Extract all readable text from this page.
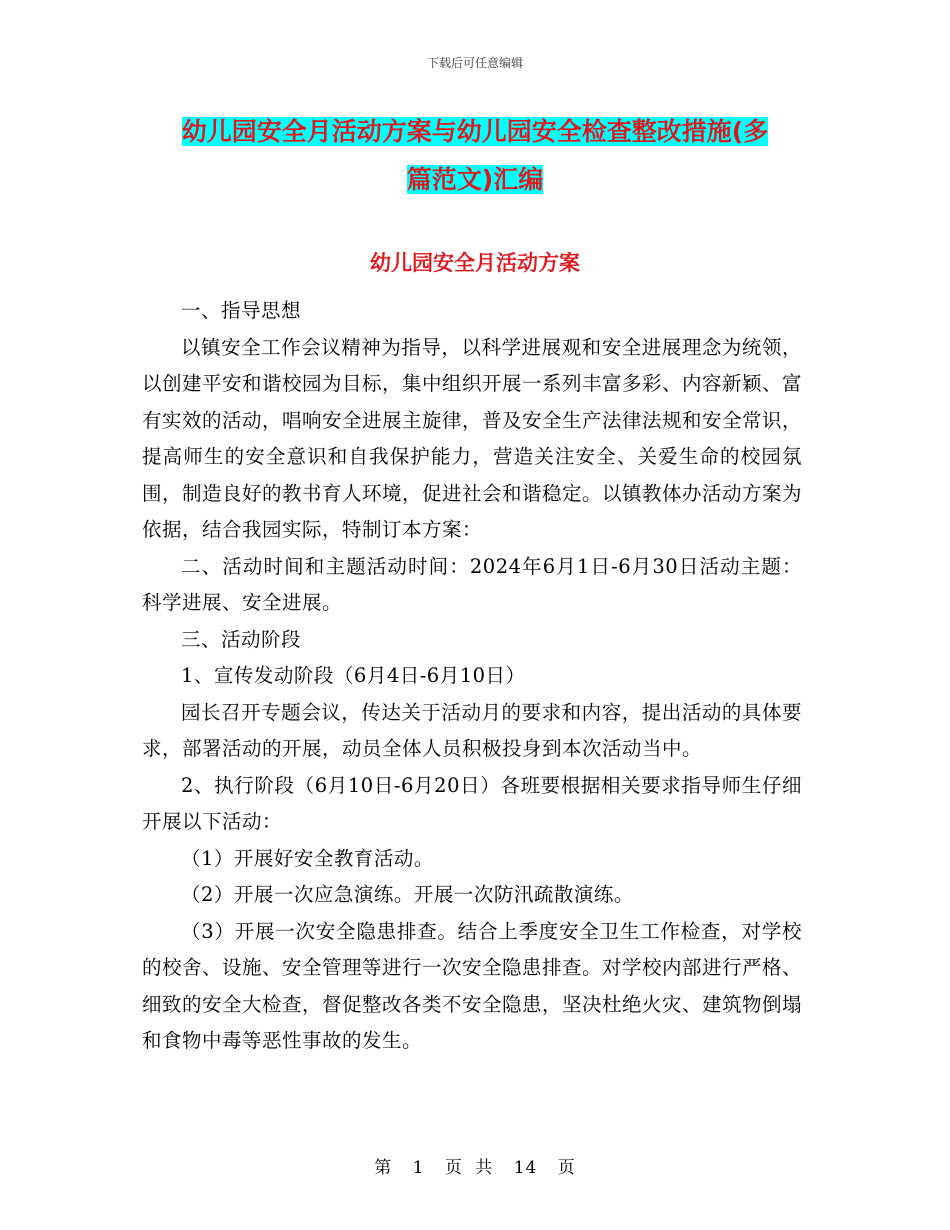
下载后可任意编辑
幼儿园安全月活动方案与幼儿园安全检查整改措施(多
篇范文)汇编
幼儿园安全月活动方案

一、指导思想

以镇安全工作会议精神为指导，以科学进展观和安全进展理念为统领，以创建平安和谐校园为目标，集中组织开展一系列丰富多彩、内容新颖、富有实效的活动，唱响安全进展主旋律，普及安全生产法律法规和安全常识，提高师生的安全意识和自我保护能力，营造关注安全、关爱生命的校园氛围，制造良好的教书育人环境，促进社会和谐稳定。以镇教体办活动方案为依据，结合我园实际，特制订本方案：

二、活动时间和主题活动时间：2024年6月1日-6月30日活动主题：科学进展、安全进展。

三、活动阶段

1、宣传发动阶段（6月4日-6月10日）

园长召开专题会议，传达关于活动月的要求和内容，提出活动的具体要求，部署活动的开展，动员全体人员积极投身到本次活动当中。

2、执行阶段（6月10日-6月20日）各班要根据相关要求指导师生仔细开展以下活动：

（1）开展好安全教育活动。

（2）开展一次应急演练。开展一次防汛疏散演练。

（3）开展一次安全隐患排查。结合上季度安全卫生工作检查，对学校的校舍、设施、安全管理等进行一次安全隐患排查。对学校内部进行严格、细致的安全大检查，督促整改各类不安全隐患，坚决杜绝火灾、建筑物倒塌和食物中毒等恶性事故的发生。

第 1 页 共 14 页
